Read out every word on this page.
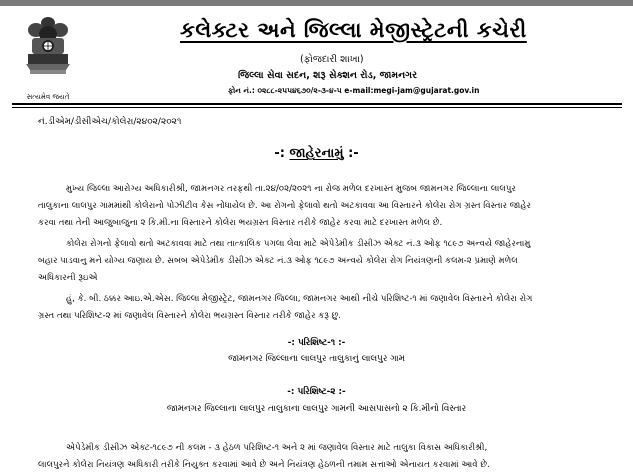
સત્યમેવ જયતે
કલેક્ટર અને જિલ્લા મેજીસ્ટ્રેટની કચેરી
(ફોજદારી શાખા)
જિલ્લા સેવા સદન, શરૂ સેક્શન રોડ, જામનગર
ફોન નં.: ૦૨૮૮-૨૫૫૪૬૭૦/૨-૩-૪-૫ e-mail:megi-jam@gujarat.gov.in
નં.ડીએમ/ડીસીએચ/કોલેરા/૨૪૦૨/૨૦૨૧
-: જાહેરનામું :-
મુખ્ય જિલ્લા આરોગ્ય અધિકારીશ્રી, જામનગર તરફથી તા.૨૪/૦૨/૨૦૨૧ ના રોજ મળેલ દરખાસ્ત મુજબ જામનગર જિલ્લાના લાલપુર
તાલુકાના લાલપુર ગામમાંથી કોલેરાનો પોઝીટીવ કેસ નોંધાયેલ છે. આ રોગનો ફેલાવો થતો અટકાવવા આ વિસ્તારને કોલેરા રોગ ગ્રસ્ત વિસ્તાર જાહેર
કરવા તથા તેની આજુબાજુના ૨ કિ.મી.ના વિસ્તારને કોલેરા ભયગ્રસ્ત વિસ્તાર તરીકે જાહેર કરવા માટે દરખાસ્ત મળેલ છે.
કોલેરા રોગનો ફેલાવો થતો અટકાવવા માટે તથા તાત્કાલિક પગલા લેવા માટે એપેડેમીક ડીસીઝ એક્ટ નં.૩ ઓફ ૧૮૯૭ અન્વયે જાહેરનામુ
બહાર પાડવાનુ મને યોગ્ય જણાય છે. સબબ એપેડેમીક ડીસીઝ એક્ટ નં.૩ ઓફ ૧૮૯૭ અન્વયે કોલેરા રોગ નિયંત્રણની કલમ-૨ પ્રમાણે મળેલ
અધિકારની રૂઇએ
હું, કે. બી. ઠક્કર આઇ.એ.એસ. જિલ્લા મેજીસ્ટ્રેટ, જામનગર જિલ્લા, જામનગર આથી નીચે પરિશિષ્ટ-૧ માં જણાવેલ વિસ્તારને કોલેરા રોગ
ગ્રસ્ત તથા પરિશિષ્ટ-૨ માં જણાવેલ વિસ્તારને કોલેરા ભયગ્રસ્ત વિસ્તાર તરીકે જાહેર કરૂ છુ.
-: પરિશિષ્ટ-૧ :-
જામનગર જિલ્લાના લાલપુર તાલુકાનું લાલપુર ગામ
-: પરિશિષ્ટ-૨ :-
જામનગર જિલ્લાના લાલપુર તાલુકાના લાલપુર ગામની આસપાસનો ૨ કિ.મીનો વિસ્તાર
એપેડેમીક ડીસીઝ એક્ટ-૧૮૯૭ ની કલમ - ૩ હેઠળ પરિશિષ્ટ-૧ અને ૨ માં જણાવેલ વિસ્તાર માટે તાલુકા વિકાસ અધિકારીશ્રી,
લાલપુરને કોલેરા નિયંત્રણ અધિકારી તરીકે નિયુક્ત કરવામાં આવે છે અને નિયંત્રણ હેઠળની તમામ સત્તાઓ એનાયત કરવામાં આવે છે.
